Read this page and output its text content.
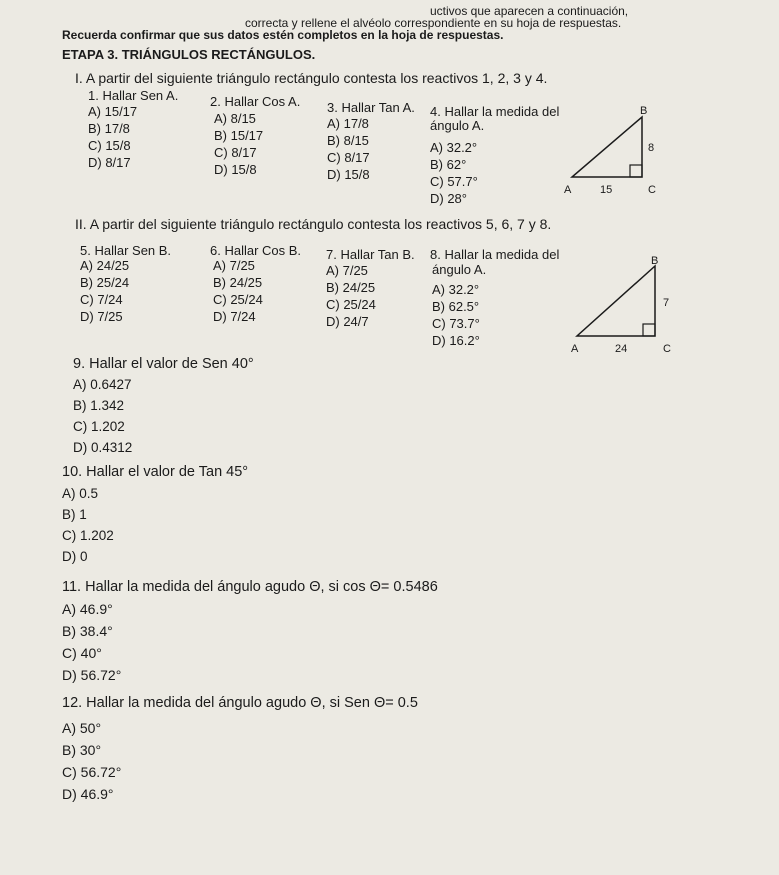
uctivos que aparecen a continuación,
correcta y rellene el alvéolo correspondiente en su hoja de respuestas.
Recuerda confirmar que sus datos estén completos en la hoja de respuestas.
ETAPA 3. TRIÁNGULOS RECTÁNGULOS.
I. A partir del siguiente triángulo rectángulo contesta los reactivos 1, 2, 3 y 4.
1. Hallar Sen A.
A) 15/17
B) 17/8
C) 15/8
D) 8/17
2. Hallar Cos A.
A) 8/15
B) 15/17
C) 8/17
D) 15/8
3. Hallar Tan A.
A) 17/8
B) 8/15
C) 8/17
D) 15/8
4. Hallar la medida del
ángulo A.
A) 32.2°
B) 62°
C) 57.7°
D) 28°
A
B
C
8
15
II. A partir del siguiente triángulo rectángulo contesta los reactivos 5, 6, 7 y 8.
5. Hallar Sen B.
A) 24/25
B) 25/24
C) 7/24
D) 7/25
6. Hallar Cos B.
A) 7/25
B) 24/25
C) 25/24
D) 7/24
7. Hallar Tan B.
A) 7/25
B) 24/25
C) 25/24
D) 24/7
8. Hallar la medida del
ángulo A.
A) 32.2°
B) 62.5°
C) 73.7°
D) 16.2°
A
B
C
7
24
9. Hallar el valor de Sen 40°
A) 0.6427
B) 1.342
C) 1.202
D) 0.4312
10. Hallar el valor de Tan 45°
A) 0.5
B) 1
C) 1.202
D) 0
11. Hallar la medida del ángulo agudo Θ, si cos Θ= 0.5486
A) 46.9°
B) 38.4°
C) 40°
D) 56.72°
12. Hallar la medida del ángulo agudo Θ, si Sen Θ= 0.5
A) 50°
B) 30°
C) 56.72°
D) 46.9°
